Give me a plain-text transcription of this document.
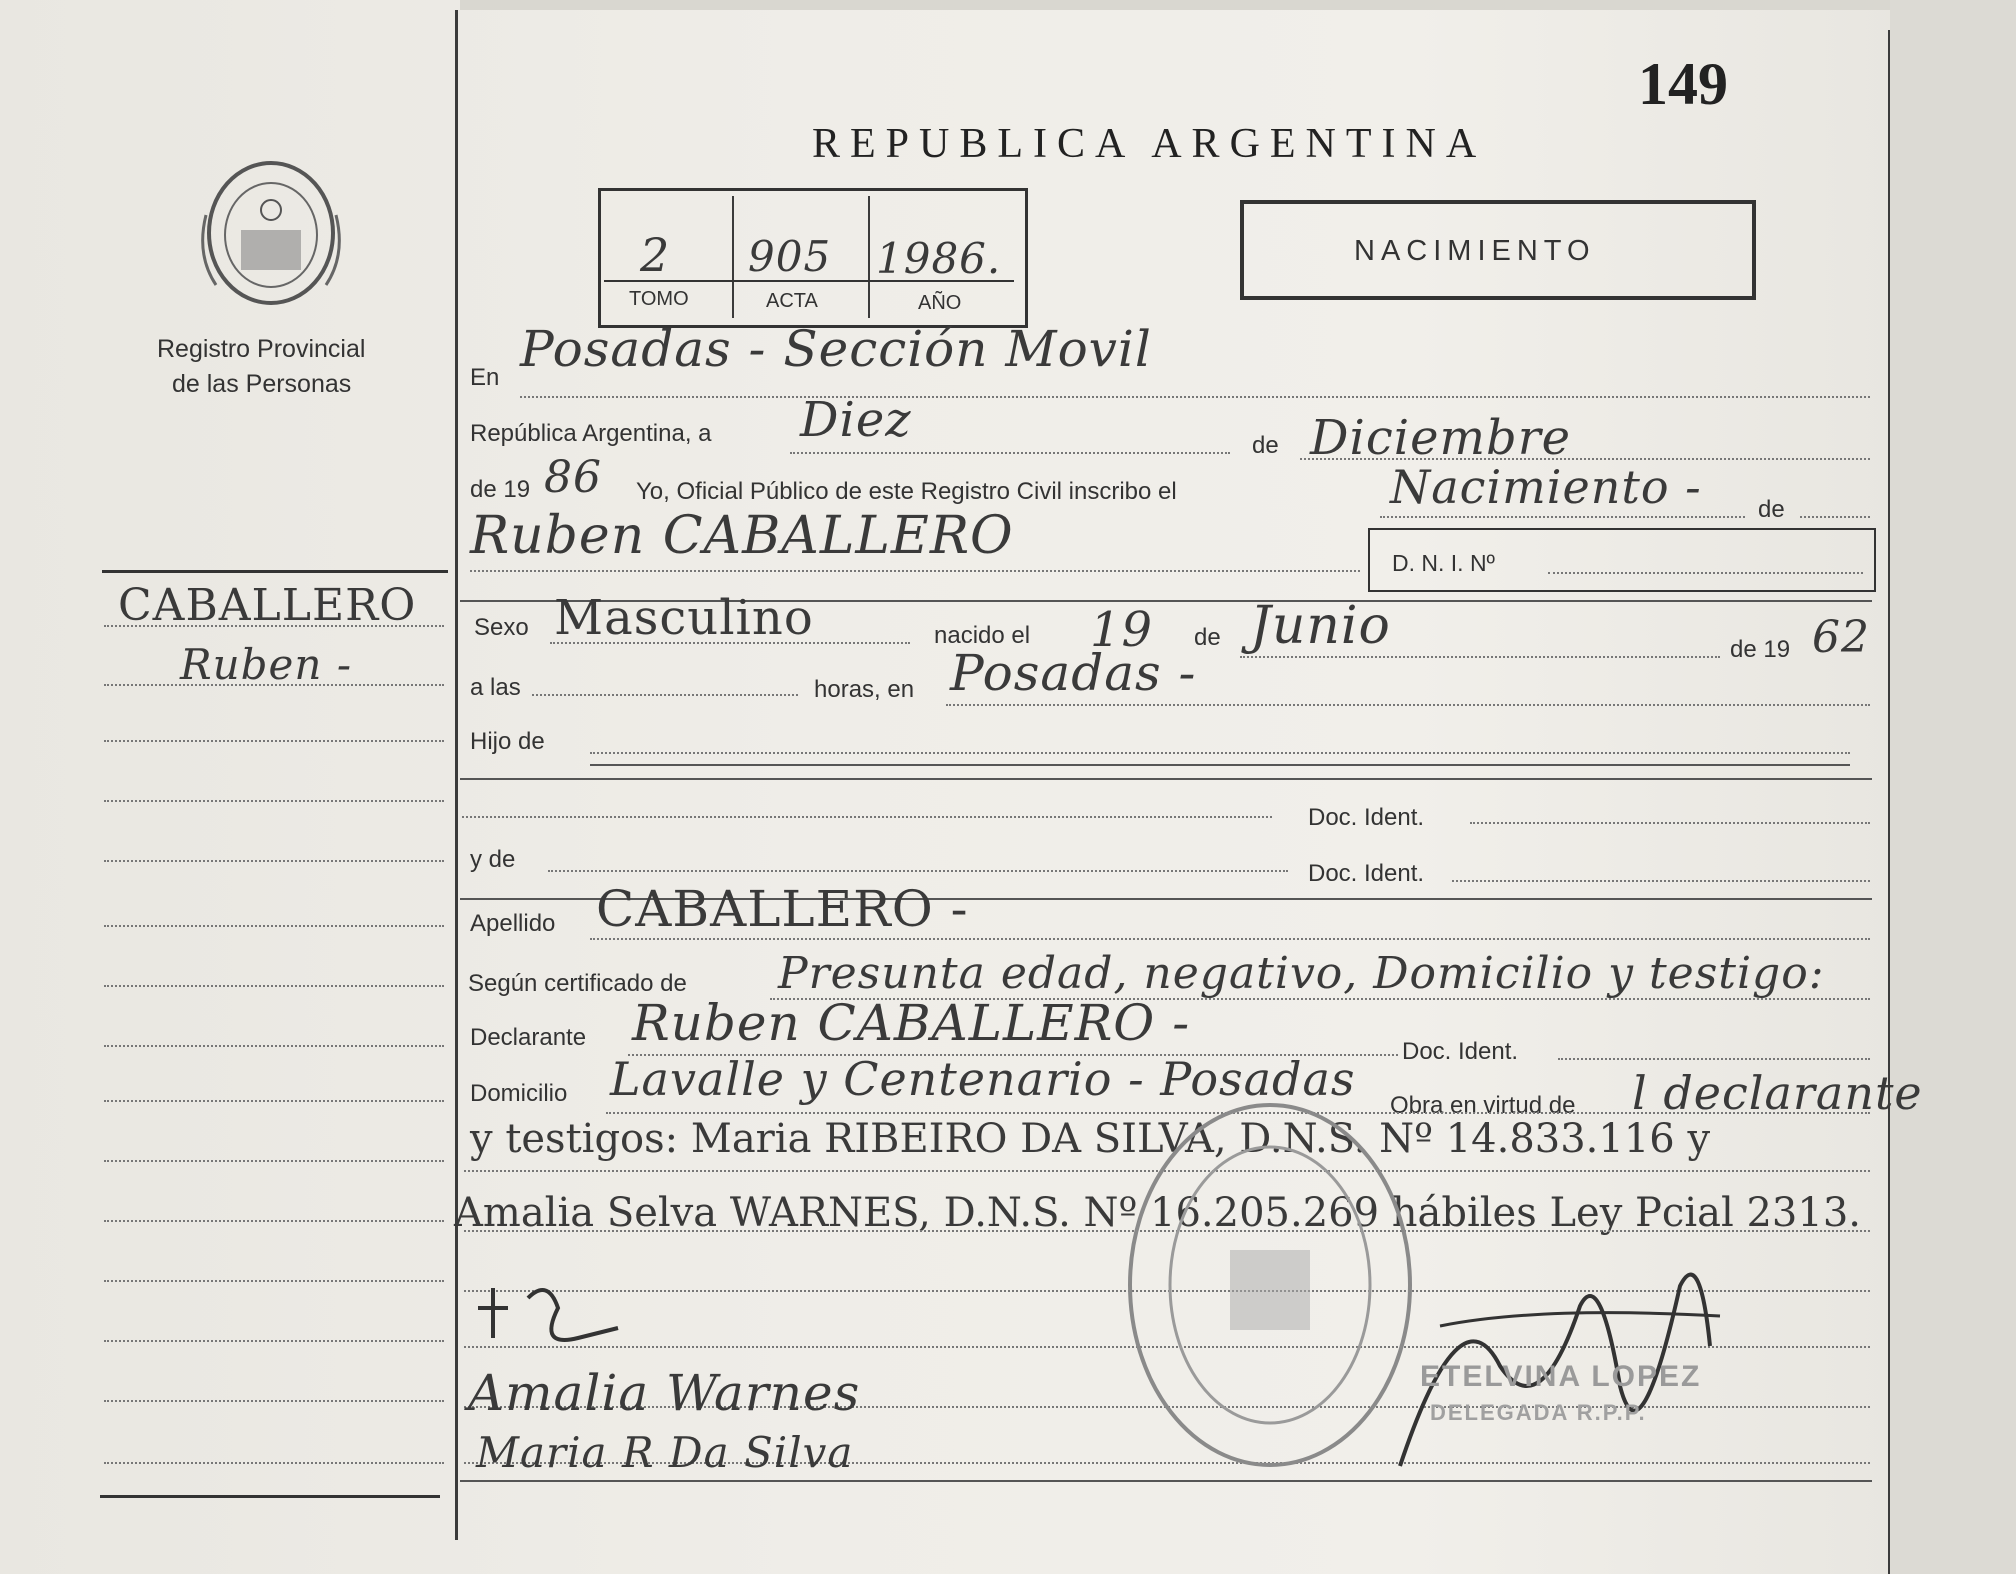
149
REPUBLICA ARGENTINA
Registro Provincial
de las Personas
2 905 1986.
TOMO	ACTA	AÑO
NACIMIENTO
CABALLERO
Ruben -
En Posadas - Sección Movil
República Argentina, a Diez	de Diciembre
de 19 86 Yo, Oficial Público de este Registro Civil inscribo el	Nacimiento - de
Ruben CABALLERO	D. N. I. Nº
Sexo Masculino	nacido el 19 de Junio	de 19 62
a las	horas, en Posadas -
Hijo de
Doc. Ident.
y de
Doc. Ident.
Apellido CABALLERO -
Según certificado de Presunta edad, negativo, Domicilio y testigo:
Declarante Ruben CABALLERO -	Doc. Ident.
Domicilio Lavalle y Centenario - Posadas Obra en virtud de l declarante
y testigos: Maria RIBEIRO DA SILVA, D.N.S. Nº 14.833.116 y
Amalia Selva WARNES, D.N.S. Nº 16.205.269 hábiles Ley Pcial 2313.
Amalia Warnes
Maria R Da Silva
ETELVINA LOPEZ
DELEGADA R.P.P.
